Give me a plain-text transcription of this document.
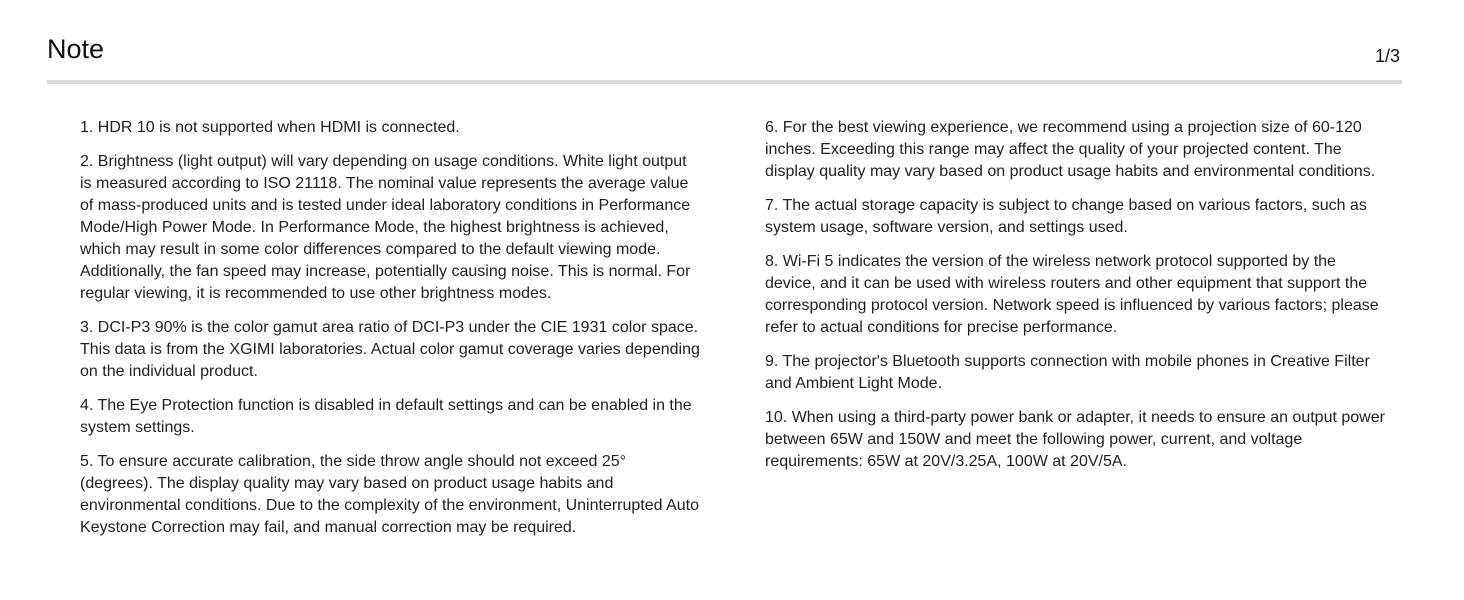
Note	1/3

1. HDR 10 is not supported when HDMI is connected.

2. Brightness (light output) will vary depending on usage conditions. White light output is measured according to ISO 21118. The nominal value represents the average value of mass-produced units and is tested under ideal laboratory conditions in Performance Mode/High Power Mode. In Performance Mode, the highest brightness is achieved, which may result in some color differences compared to the default viewing mode. Additionally, the fan speed may increase, potentially causing noise. This is normal. For regular viewing, it is recommended to use other brightness modes.

3. DCI-P3 90% is the color gamut area ratio of DCI-P3 under the CIE 1931 color space. This data is from the XGIMI laboratories. Actual color gamut coverage varies depending on the individual product.

4. The Eye Protection function is disabled in default settings and can be enabled in the system settings.

5. To ensure accurate calibration, the side throw angle should not exceed 25° (degrees). The display quality may vary based on product usage habits and environmental conditions. Due to the complexity of the environment, Uninterrupted Auto Keystone Correction may fail, and manual correction may be required.

6. For the best viewing experience, we recommend using a projection size of 60-120 inches. Exceeding this range may affect the quality of your projected content. The display quality may vary based on product usage habits and environmental conditions.

7. The actual storage capacity is subject to change based on various factors, such as system usage, software version, and settings used.

8. Wi-Fi 5 indicates the version of the wireless network protocol supported by the device, and it can be used with wireless routers and other equipment that support the corresponding protocol version. Network speed is influenced by various factors; please refer to actual conditions for precise performance.

9. The projector's Bluetooth supports connection with mobile phones in Creative Filter and Ambient Light Mode.

10. When using a third-party power bank or adapter, it needs to ensure an output power between 65W and 150W and meet the following power, current, and voltage requirements: 65W at 20V/3.25A, 100W at 20V/5A.
